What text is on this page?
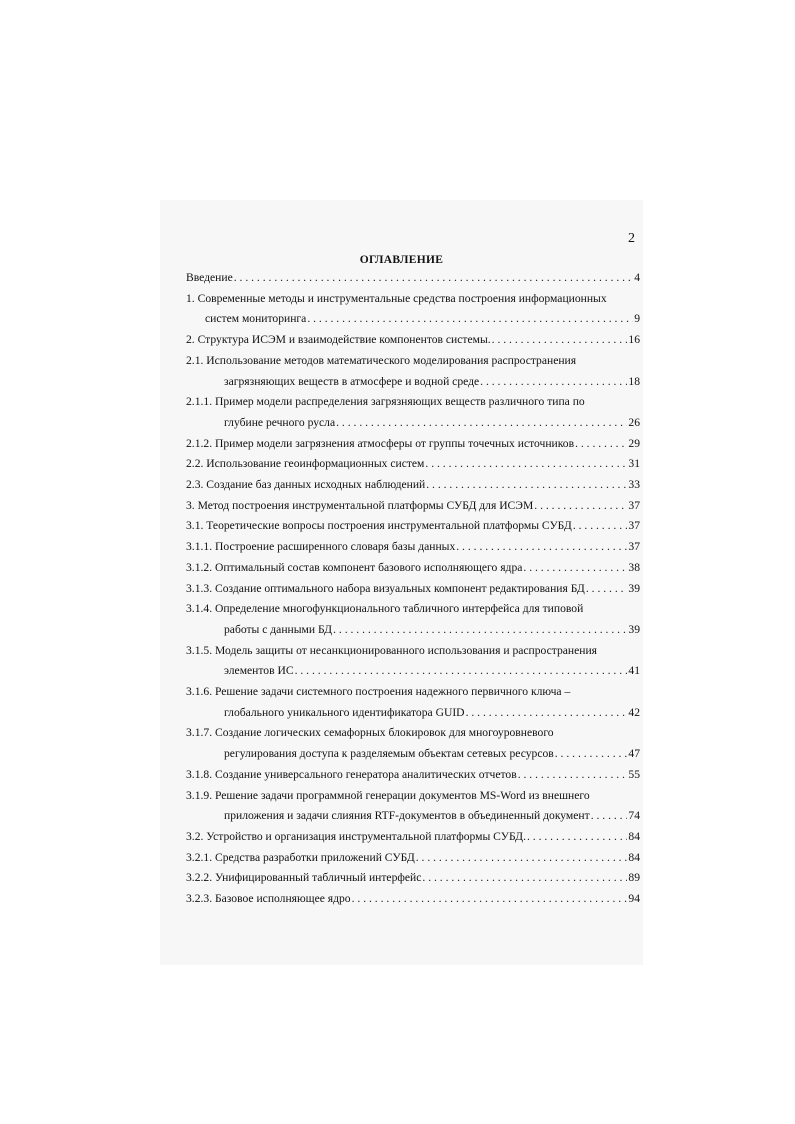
2
ОГЛАВЛЕНИЕ
Введение . . .	4
1. Современные методы и инструментальные средства построения информационных
систем мониторинга . . .	9
2. Структура ИСЭМ и взаимодействие компонентов системы. . . .	16
2.1. Использование методов математического моделирования распространения
загрязняющих веществ в атмосфере и водной среде . . .	18
2.1.1. Пример модели распределения загрязняющих веществ различного типа по
глубине речного русла . . .	26
2.1.2. Пример модели загрязнения атмосферы от группы точечных источников . . .	29
2.2. Использование геоинформационных систем . . .	31
2.3. Создание баз данных исходных наблюдений . . .	33
3. Метод построения инструментальной платформы СУБД для ИСЭМ . . .	37
3.1. Теоретические вопросы построения инструментальной платформы СУБД . . .	37
3.1.1. Построение расширенного словаря базы данных . . .	37
3.1.2. Оптимальный состав компонент базового исполняющего ядра . . .	38
3.1.3. Создание оптимального набора визуальных компонент редактирования БД . . .	39
3.1.4. Определение многофункционального табличного интерфейса для типовой
работы с данными БД . . .	39
3.1.5. Модель защиты от несанкционированного использования и распространения
элементов ИС . . .	41
3.1.6. Решение задачи системного построения надежного первичного ключа –
глобального уникального идентификатора GUID . . .	42
3.1.7. Создание логических семафорных блокировок для многоуровневого
регулирования доступа к разделяемым объектам сетевых ресурсов . . .	47
3.1.8. Создание универсального генератора аналитических отчетов . . .	55
3.1.9. Решение задачи программной генерации документов MS-Word из внешнего
приложения и задачи слияния RTF-документов в объединенный документ . . .	74
3.2. Устройство и организация инструментальной платформы СУБД. . . .	84
3.2.1. Средства разработки приложений СУБД . . .	84
3.2.2. Унифицированный табличный интерфейс . . .	89
3.2.3. Базовое исполняющее ядро . . .	94
